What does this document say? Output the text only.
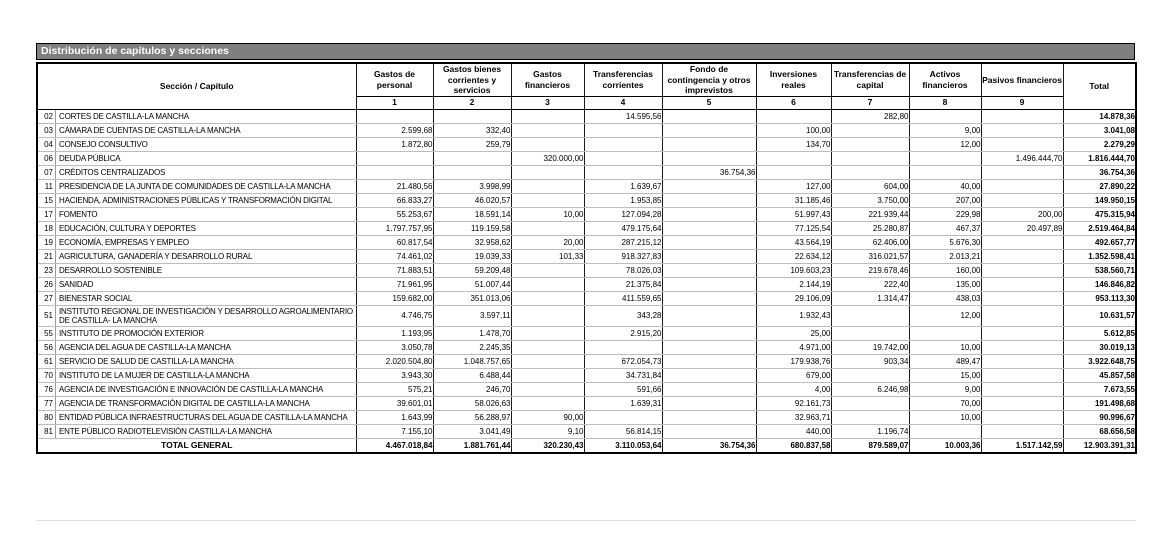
Distribución de capítulos y secciones
Sección / Capítulo	Gastos de personal	Gastos bienes corrientes y servicios	Gastos financieros	Transferencias corrientes	Fondo de contingencia y otros imprevistos	Inversiones reales	Transferencias de capital	Activos financieros	Pasivos financieros	Total
	1	2	3	4	5	6	7	8	9	

02 CORTES DE CASTILLA-LA MANCHA				14.595,56			282,80			14.878,36

03 CÁMARA DE CUENTAS DE CASTILLA-LA MANCHA	2.599,68	332,40				100,00		9,00		3.041,08

04 CONSEJO CONSULTIVO	1.872,80	259,79				134,70		12,00		2.279,29

06 DEUDA PÚBLICA			320.000,00						1.496.444,70	1.816.444,70

07 CRÉDITOS CENTRALIZADOS					36.754,36					36.754,36

11 PRESIDENCIA DE LA JUNTA DE COMUNIDADES DE CASTILLA-LA MANCHA	21.480,56	3.998,99		1.639,67		127,00	604,00	40,00		27.890,22

15 HACIENDA, ADMINISTRACIONES PÚBLICAS Y TRANSFORMACIÓN DIGITAL	66.833,27	46.020,57		1.953,85		31.185,46	3.750,00	207,00		149.950,15

17 FOMENTO	55.253,67	18.591,14	10,00	127.094,28		51.997,43	221.939,44	229,98	200,00	475.315,94

18 EDUCACIÓN, CULTURA Y DEPORTES	1.797.757,95	119.159,58		479.175,64		77.125,54	25.280,87	467,37	20.497,89	2.519.464,84

19 ECONOMÍA, EMPRESAS Y EMPLEO	60.817,54	32.958,62	20,00	287.215,12		43.564,19	62.406,00	5.676,30		492.657,77

21 AGRICULTURA, GANADERÍA Y DESARROLLO RURAL	74.461,02	19.039,33	101,33	918.327,83		22.634,12	316.021,57	2.013,21		1.352.598,41

23 DESARROLLO SOSTENIBLE	71.883,51	59.209,48		78.026,03		109.603,23	219.678,46	160,00		538.560,71

26 SANIDAD	71.961,95	51.007,44		21.375,84		2.144,19	222,40	135,00		146.846,82

27 BIENESTAR SOCIAL	159.682,00	351.013,06		411.559,65		29.106,09	1.314,47	438,03		953.113,30

51 INSTITUTO REGIONAL DE INVESTIGACIÓN Y DESARROLLO AGROALIMENTARIO DE CASTILLA- LA MANCHA	4.746,75	3.597,11		343,28		1.932,43		12,00		10.631,57

55 INSTITUTO DE PROMOCIÓN EXTERIOR	1.193,95	1.478,70		2.915,20		25,00				5.612,85

56 AGENCIA DEL AGUA DE CASTILLA-LA MANCHA	3.050,78	2.245,35				4.971,00	19.742,00	10,00		30.019,13

61 SERVICIO DE SALUD DE CASTILLA-LA MANCHA	2.020.504,80	1.048.757,65		672.054,73		179.938,76	903,34	489,47		3.922.648,75

70 INSTITUTO DE LA MUJER DE CASTILLA-LA MANCHA	3.943,30	6.488,44		34.731,84		679,00		15,00		45.857,58

76 AGENCIA DE INVESTIGACIÓN E INNOVACIÓN DE CASTILLA-LA MANCHA	575,21	246,70		591,66		4,00	6.246,98	9,00		7.673,55

77 AGENCIA DE TRANSFORMACIÓN DIGITAL DE CASTILLA-LA MANCHA	39.601,01	58.026,63		1.639,31		92.161,73		70,00		191.498,68

80 ENTIDAD PÚBLICA INFRAESTRUCTURAS DEL AGUA DE CASTILLA-LA MANCHA	1.643,99	56.288,97	90,00			32.963,71		10,00		90.996,67

81 ENTE PÚBLICO RADIOTELEVISIÓN CASTILLA-LA MANCHA	7.155,10	3.041,49	9,10	56.814,15		440,00	1.196,74			68.656,58
TOTAL GENERAL	4.467.018,84	1.881.761,44	320.230,43	3.110.053,64	36.754,36	680.837,58	879.589,07	10.003,36	1.517.142,59	12.903.391,31
